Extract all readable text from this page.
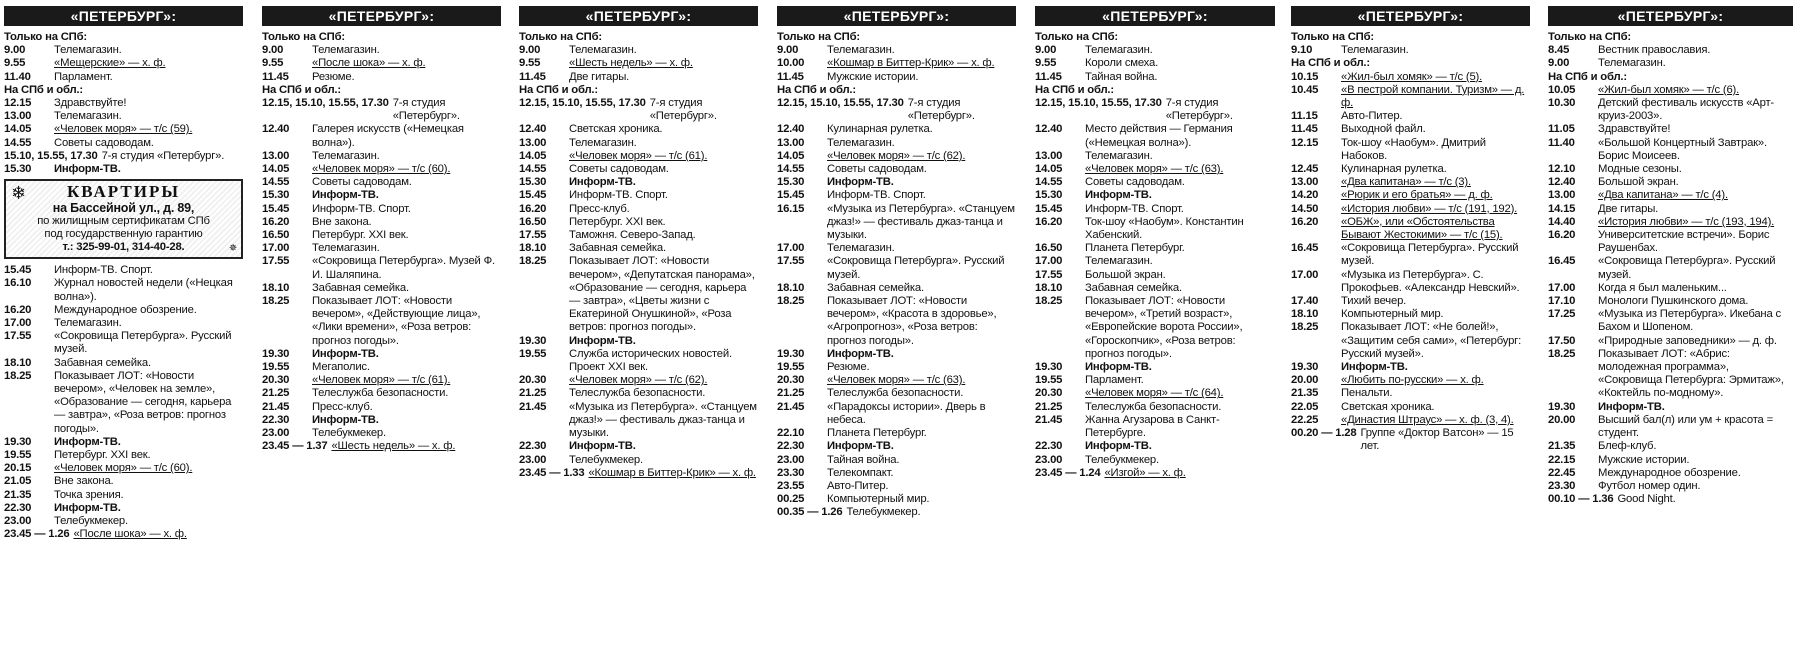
«ПЕТЕРБУРГ»:
Только на СПб:
9.00	Телемагазин.
9.55	«Мещерские» — х. ф.
11.40	Парламент.
На СПб и обл.:
12.15	Здравствуйте!
13.00	Телемагазин.
14.05	«Человек моря» — т/с (59).
14.55	Советы садоводам.
15.10, 15.55, 17.30 7-я студия «Петербург».
15.30	Информ-ТВ.
❄	КВАРТИРЫ
на Бассейной ул., д. 89,
по жилищным сертификатам СПб
под государственную гарантию
т.: 325-99-01, 314-40-28.	✵
15.45	Информ-ТВ. Спорт.
16.10	Журнал новостей недели («Нецкая волна»).
16.20	Международное обозрение.
17.00	Телемагазин.
17.55	«Сокровища Петербурга». Русский музей.
18.10	Забавная семейка.
18.25	Показывает ЛОТ: «Новости вечером», «Человек на земле», «Образование — сегодня, карьера — завтра», «Роза ветров: прогноз погоды».
19.30	Информ-ТВ.
19.55	Петербург. XXI век.
20.15	«Человек моря» — т/с (60).
21.05	Вне закона.
21.35	Точка зрения.
22.30	Информ-ТВ.
23.00	Телебукмекер.
23.45 — 1.26 «После шока» — х. ф.
«ПЕТЕРБУРГ»:
Только на СПб:
9.00	Телемагазин.
9.55	«После шока» — х. ф.
11.45	Резюме.
На СПб и обл.:
12.15, 15.10, 15.55, 17.30 7-я студия «Петербург».
12.40	Галерея искусств («Немецкая волна»).
13.00	Телемагазин.
14.05	«Человек моря» — т/с (60).
14.55	Советы садоводам.
15.30	Информ-ТВ.
15.45	Информ-ТВ. Спорт.
16.20	Вне закона.
16.50	Петербург. XXI век.
17.00	Телемагазин.
17.55	«Сокровища Петербурга». Музей Ф. И. Шаляпина.
18.10	Забавная семейка.
18.25	Показывает ЛОТ: «Новости вечером», «Действующие лица», «Лики времени», «Роза ветров: прогноз погоды».
19.30	Информ-ТВ.
19.55	Мегаполис.
20.30	«Человек моря» — т/с (61).
21.25	Телеслужба безопасности.
21.45	Пресс-клуб.
22.30	Информ-ТВ.
23.00	Телебукмекер.
23.45 — 1.37 «Шесть недель» — х. ф.
«ПЕТЕРБУРГ»:
Только на СПб:
9.00	Телемагазин.
9.55	«Шесть недель» — х. ф.
11.45	Две гитары.
На СПб и обл.:
12.15, 15.10, 15.55, 17.30 7-я студия «Петербург».
12.40	Светская хроника.
13.00	Телемагазин.
14.05	«Человек моря» — т/с (61).
14.55	Советы садоводам.
15.30	Информ-ТВ.
15.45	Информ-ТВ. Спорт.
16.20	Пресс-клуб.
16.50	Петербург. XXI век.
17.55	Таможня. Северо-Запад.
18.10	Забавная семейка.
18.25	Показывает ЛОТ: «Новости вечером», «Депутатская панорама», «Образование — сегодня, карьера — завтра», «Цветы жизни с Екатериной Онушкиной», «Роза ветров: прогноз погоды».
19.30	Информ-ТВ.
19.55	Служба исторических новостей. Проект XXI век.
20.30	«Человек моря» — т/с (62).
21.25	Телеслужба безопасности.
21.45	«Музыка из Петербурга». «Станцуем джаз!» — фестиваль джаз-танца и музыки.
22.30	Информ-ТВ.
23.00	Телебукмекер.
23.45 — 1.33 «Кошмар в Биттер-Крик» — х. ф.
«ПЕТЕРБУРГ»:
Только на СПб:
9.00	Телемагазин.
10.00	«Кошмар в Биттер-Крик» — х. ф.
11.45	Мужские истории.
На СПб и обл.:
12.15, 15.10, 15.55, 17.30 7-я студия «Петербург».
12.40	Кулинарная рулетка.
13.00	Телемагазин.
14.05	«Человек моря» — т/с (62).
14.55	Советы садоводам.
15.30	Информ-ТВ.
15.45	Информ-ТВ. Спорт.
16.15	«Музыка из Петербурга». «Станцуем джаз!» — фестиваль джаз-танца и музыки.
17.00	Телемагазин.
17.55	«Сокровища Петербурга». Русский музей.
18.10	Забавная семейка.
18.25	Показывает ЛОТ: «Новости вечером», «Красота в здоровье», «Агропрогноз», «Роза ветров: прогноз погоды».
19.30	Информ-ТВ.
19.55	Резюме.
20.30	«Человек моря» — т/с (63).
21.25	Телеслужба безопасности.
21.45	«Парадоксы истории». Дверь в небеса.
22.10	Планета Петербург.
22.30	Информ-ТВ.
23.00	Тайная война.
23.30	Телекомпакт.
23.55	Авто-Питер.
00.25	Компьютерный мир.
00.35 — 1.26 Телебукмекер.
«ПЕТЕРБУРГ»:
Только на СПб:
9.00	Телемагазин.
9.55	Короли смеха.
11.45	Тайная война.
На СПб и обл.:
12.15, 15.10, 15.55, 17.30 7-я студия «Петербург».
12.40	Место действия — Германия («Немецкая волна»).
13.00	Телемагазин.
14.05	«Человек моря» — т/с (63).
14.55	Советы садоводам.
15.30	Информ-ТВ.
15.45	Информ-ТВ. Спорт.
16.20	Ток-шоу «Наобум». Константин Хабенский.
16.50	Планета Петербург.
17.00	Телемагазин.
17.55	Большой экран.
18.10	Забавная семейка.
18.25	Показывает ЛОТ: «Новости вечером», «Третий возраст», «Европейские ворота России», «Гороскопчик», «Роза ветров: прогноз погоды».
19.30	Информ-ТВ.
19.55	Парламент.
20.30	«Человек моря» — т/с (64).
21.25	Телеслужба безопасности.
21.45	Жанна Агузарова в Санкт-Петербурге.
22.30	Информ-ТВ.
23.00	Телебукмекер.
23.45 — 1.24 «Изгой» — х. ф.
«ПЕТЕРБУРГ»:
Только на СПб:
9.10	Телемагазин.
На СПб и обл.:
10.15	«Жил-был хомяк» — т/с (5).
10.45	«В пестрой компании. Туризм» — д. ф.
11.15	Авто-Питер.
11.45	Выходной файл.
12.15	Ток-шоу «Наобум». Дмитрий Набоков.
12.45	Кулинарная рулетка.
13.00	«Два капитана» — т/с (3).
14.20	«Рюрик и его братья» — д. ф.
14.50	«История любви» — т/с (191, 192).
16.20	«ОБЖ», или «Обстоятельства Бывают Жестокими» — т/с (15).
16.45	«Сокровища Петербурга». Русский музей.
17.00	«Музыка из Петербурга». С. Прокофьев. «Александр Невский».
17.40	Тихий вечер.
18.10	Компьютерный мир.
18.25	Показывает ЛОТ: «Не болей!», «Защитим себя сами», «Петербург: Русский музей».
19.30	Информ-ТВ.
20.00	«Любить по-русски» — х. ф.
21.35	Пенальти.
22.05	Светская хроника.
22.25	«Династия Штраус» — х. ф. (3, 4).
00.20 — 1.28 Группе «Доктор Ватсон» — 15 лет.
«ПЕТЕРБУРГ»:
Только на СПб:
8.45	Вестник православия.
9.00	Телемагазин.
На СПб и обл.:
10.05	«Жил-был хомяк» — т/с (6).
10.30	Детский фестиваль искусств «Арт-круиз-2003».
11.05	Здравствуйте!
11.40	«Большой Концертный Завтрак». Борис Моисеев.
12.10	Модные сезоны.
12.40	Большой экран.
13.00	«Два капитана» — т/с (4).
14.15	Две гитары.
14.40	«История любви» — т/с (193, 194).
16.20	Университетские встречи». Борис Раушенбах.
16.45	«Сокровища Петербурга». Русский музей.
17.00	Когда я был маленьким...
17.10	Монологи Пушкинского дома.
17.25	«Музыка из Петербурга». Икебана с Бахом и Шопеном.
17.50	«Природные заповедники» — д. ф.
18.25	Показывает ЛОТ: «Абрис: молодежная программа», «Сокровища Петербурга: Эрмитаж», «Коктейль по-модному».
19.30	Информ-ТВ.
20.00	Высший бал(л) или ум + красота = студент.
21.35	Блеф-клуб.
22.15	Мужские истории.
22.45	Международное обозрение.
23.30	Футбол номер один.
00.10 — 1.36 Good Night.
